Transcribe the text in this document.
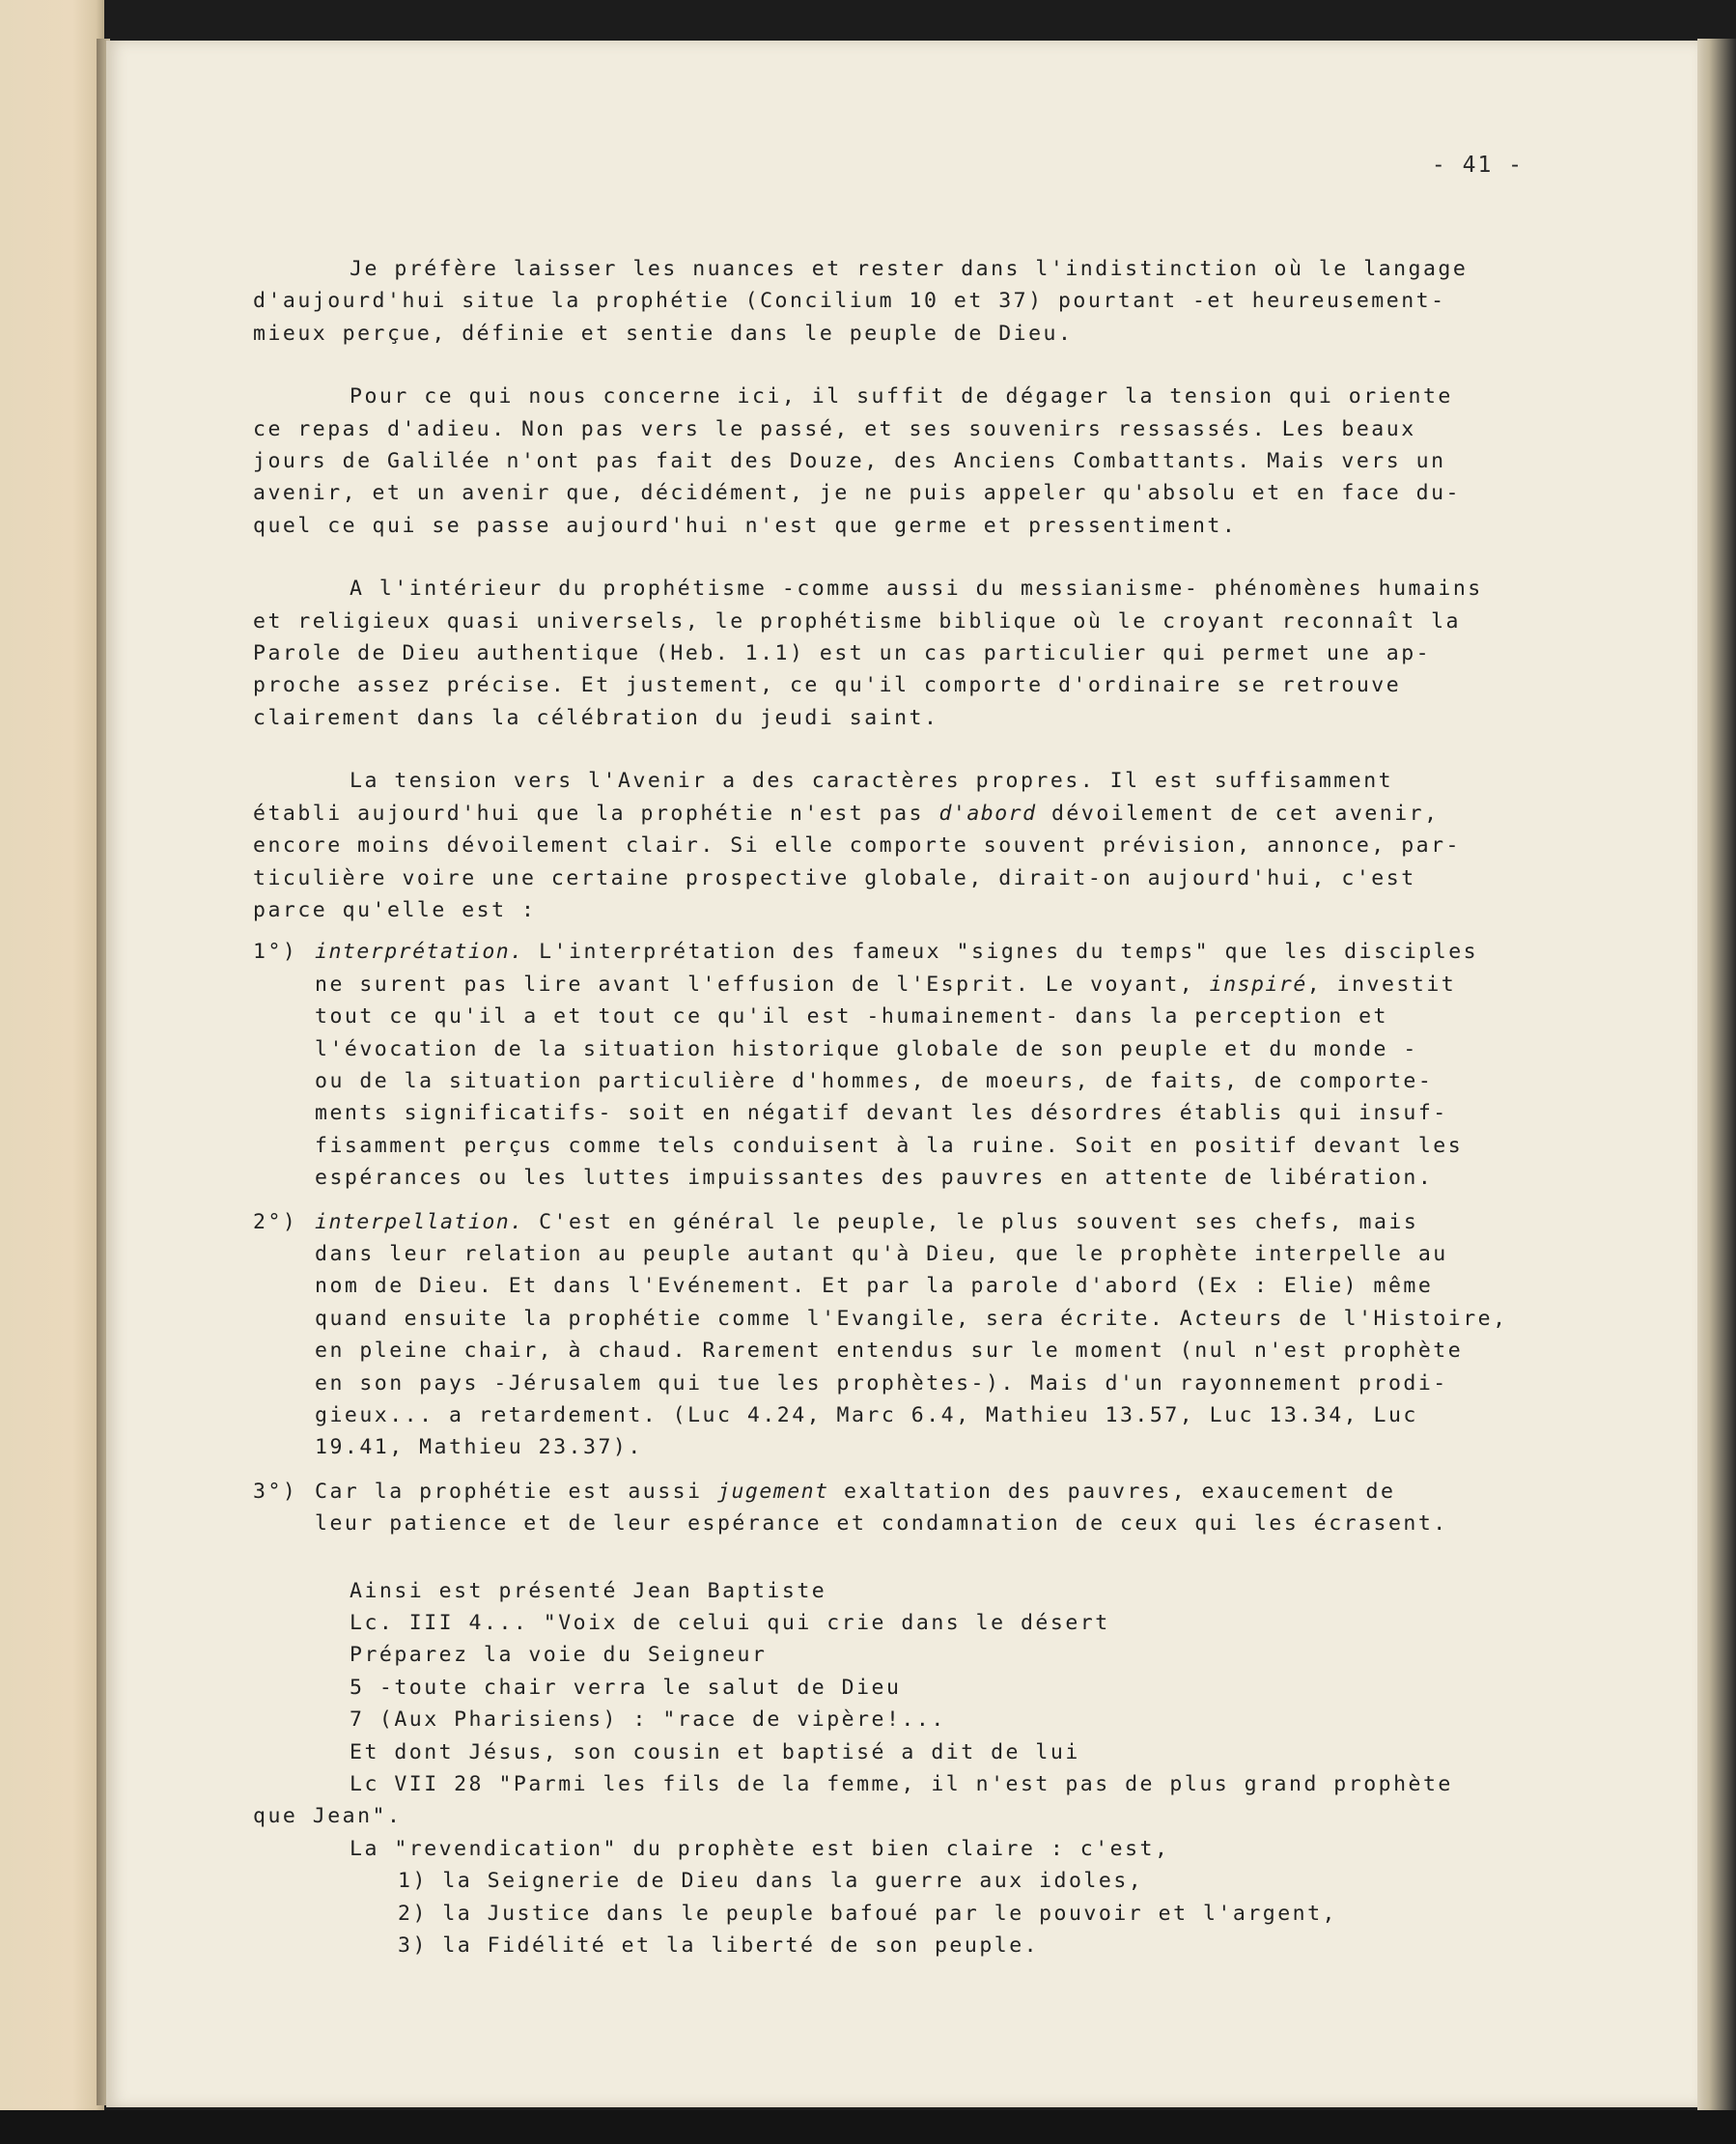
- 41 -
Je préfère laisser les nuances et rester dans l'indistinction où le langage
d'aujourd'hui situe la prophétie (Concilium 10 et 37) pourtant -et heureusement-
mieux perçue, définie et sentie dans le peuple de Dieu.
Pour ce qui nous concerne ici, il suffit de dégager la tension qui oriente
ce repas d'adieu. Non pas vers le passé, et ses souvenirs ressassés. Les beaux
jours de Galilée n'ont pas fait des Douze, des Anciens Combattants. Mais vers un
avenir, et un avenir que, décidément, je ne puis appeler qu'absolu et en face du-
quel ce qui se passe aujourd'hui n'est que germe et pressentiment.
A l'intérieur du prophétisme -comme aussi du messianisme- phénomènes humains
et religieux quasi universels, le prophétisme biblique où le croyant reconnaît la
Parole de Dieu authentique (Heb. 1.1) est un cas particulier qui permet une ap-
proche assez précise. Et justement, ce qu'il comporte d'ordinaire se retrouve
clairement dans la célébration du jeudi saint.
La tension vers l'Avenir a des caractères propres. Il est suffisamment
établi aujourd'hui que la prophétie n'est pas d'abord dévoilement de cet avenir,
encore moins dévoilement clair. Si elle comporte souvent prévision, annonce, par-
ticulière voire une certaine prospective globale, dirait-on aujourd'hui, c'est
parce qu'elle est :
1°) interprétation. L'interprétation des fameux "signes du temps" que les disciples
ne surent pas lire avant l'effusion de l'Esprit. Le voyant, inspiré, investit
tout ce qu'il a et tout ce qu'il est -humainement- dans la perception et
l'évocation de la situation historique globale de son peuple et du monde -
ou de la situation particulière d'hommes, de moeurs, de faits, de comporte-
ments significatifs- soit en négatif devant les désordres établis qui insuf-
fisamment perçus comme tels conduisent à la ruine. Soit en positif devant les
espérances ou les luttes impuissantes des pauvres en attente de libération.
2°) interpellation. C'est en général le peuple, le plus souvent ses chefs, mais
dans leur relation au peuple autant qu'à Dieu, que le prophète interpelle au
nom de Dieu. Et dans l'Evénement. Et par la parole d'abord (Ex : Elie) même
quand ensuite la prophétie comme l'Evangile, sera écrite. Acteurs de l'Histoire,
en pleine chair, à chaud. Rarement entendus sur le moment (nul n'est prophète
en son pays -Jérusalem qui tue les prophètes-). Mais d'un rayonnement prodi-
gieux... a retardement. (Luc 4.24, Marc 6.4, Mathieu 13.57, Luc 13.34, Luc
19.41, Mathieu 23.37).
3°) Car la prophétie est aussi jugement exaltation des pauvres, exaucement de
leur patience et de leur espérance et condamnation de ceux qui les écrasent.
Ainsi est présenté Jean Baptiste
Lc. III 4... "Voix de celui qui crie dans le désert
Préparez la voie du Seigneur
5 -toute chair verra le salut de Dieu
7 (Aux Pharisiens) : "race de vipère!...
Et dont Jésus, son cousin et baptisé a dit de lui
Lc VII 28 "Parmi les fils de la femme, il n'est pas de plus grand prophète
que Jean".
La "revendication" du prophète est bien claire : c'est,
1) la Seignerie de Dieu dans la guerre aux idoles,
2) la Justice dans le peuple bafoué par le pouvoir et l'argent,
3) la Fidélité et la liberté de son peuple.
